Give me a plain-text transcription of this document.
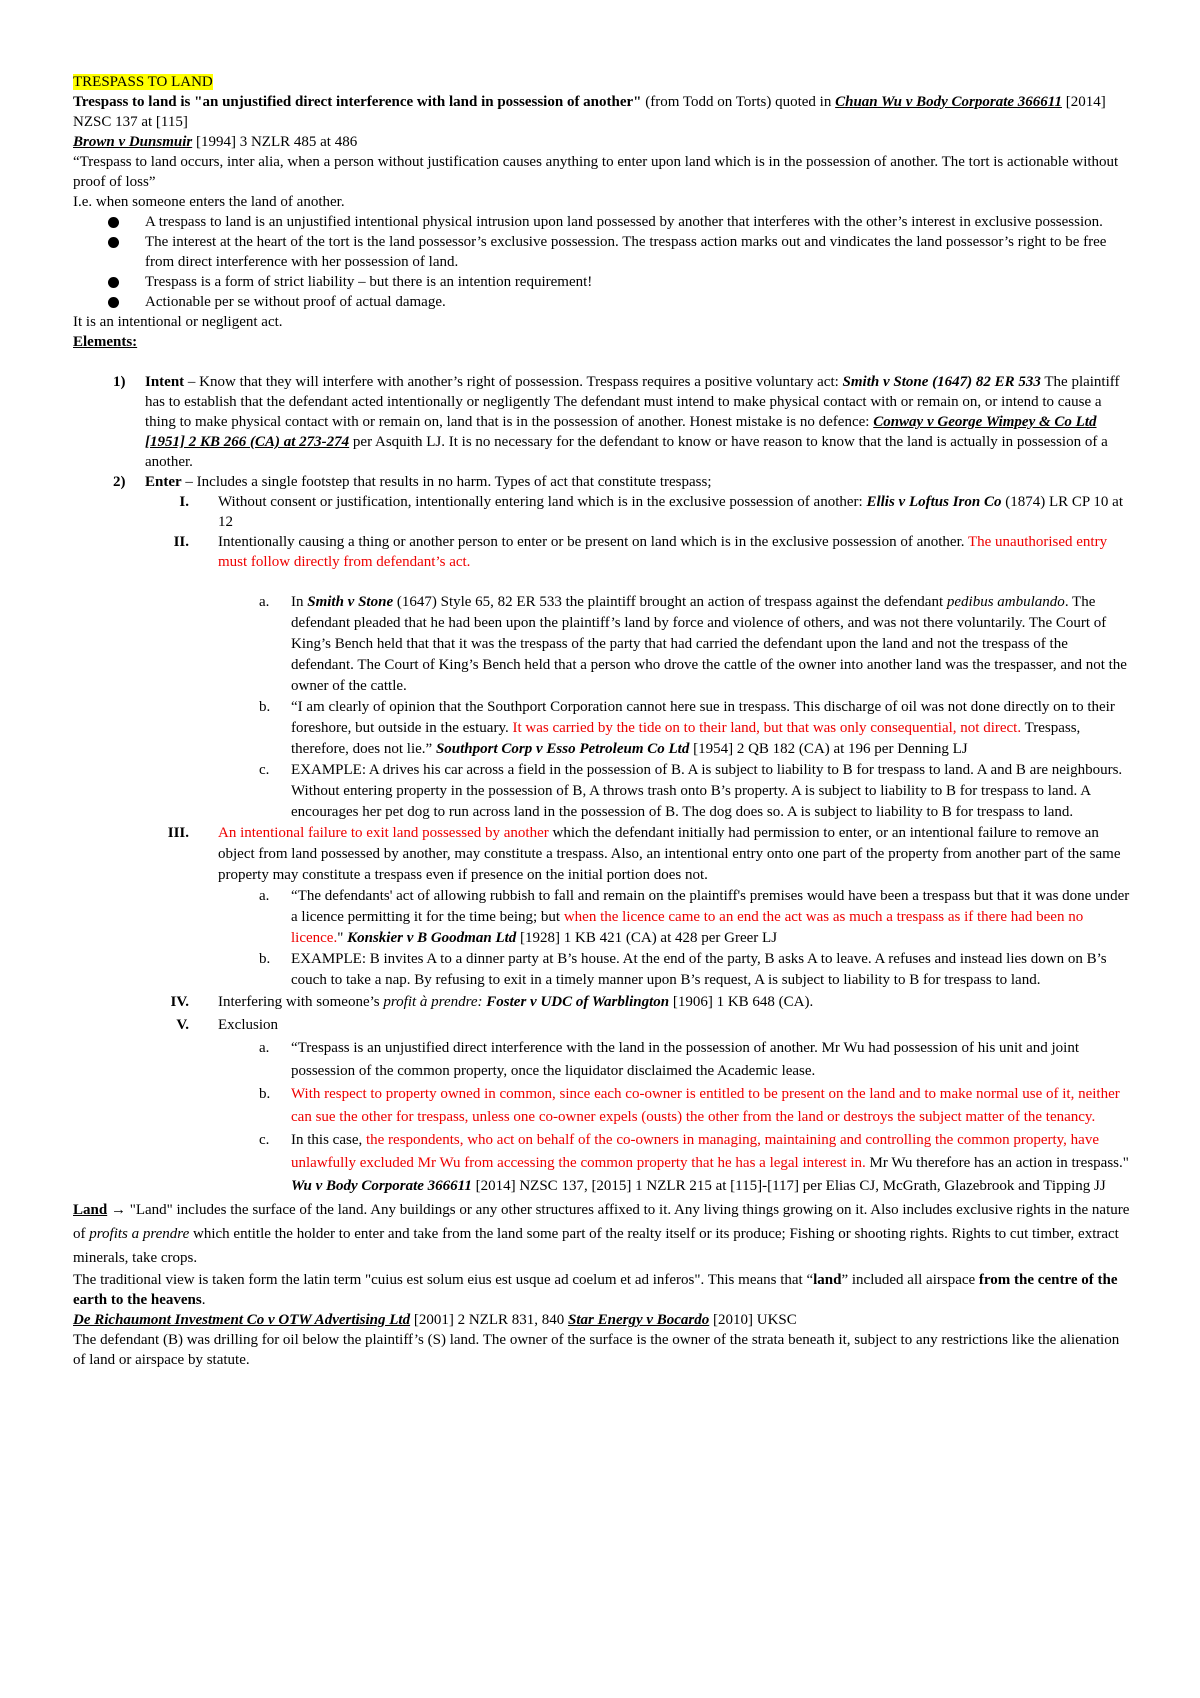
TRESPASS TO LAND

Trespass to land is "an unjustified direct interference with land in possession of another" (from Todd on Torts) quoted in Chuan Wu v Body Corporate 366611 [2014] NZSC 137 at [115]

Brown v Dunsmuir [1994] 3 NZLR 485 at 486

“Trespass to land occurs, inter alia, when a person without justification causes anything to enter upon land which is in the possession of another. The tort is actionable without proof of loss”

I.e. when someone enters the land of another.

A trespass to land is an unjustified intentional physical intrusion upon land possessed by another that interferes with the other’s interest in exclusive possession.
The interest at the heart of the tort is the land possessor’s exclusive possession. The trespass action marks out and vindicates the land possessor’s right to be free from direct interference with her possession of land.
Trespass is a form of strict liability – but there is an intention requirement!
Actionable per se without proof of actual damage.

It is an intentional or negligent act.

Elements:

1) Intent – Know that they will interfere with another’s right of possession. Trespass requires a positive voluntary act: Smith v Stone (1647) 82 ER 533 The plaintiff has to establish that the defendant acted intentionally or negligently The defendant must intend to make physical contact with or remain on, or intend to cause a thing to make physical contact with or remain on, land that is in the possession of another. Honest mistake is no defence: Conway v George Wimpey & Co Ltd [1951] 2 KB 266 (CA) at 273-274 per Asquith LJ. It is no necessary for the defendant to know or have reason to know that the land is actually in possession of a another.
2) Enter – Includes a single footstep that results in no harm. Types of act that constitute trespass;
I. Without consent or justification, intentionally entering land which is in the exclusive possession of another: Ellis v Loftus Iron Co (1874) LR CP 10 at 12
II. Intentionally causing a thing or another person to enter or be present on land which is in the exclusive possession of another. The unauthorised entry must follow directly from defendant’s act.
a. In Smith v Stone (1647) Style 65, 82 ER 533 the plaintiff brought an action of trespass against the defendant pedibus ambulando. The defendant pleaded that he had been upon the plaintiff’s land by force and violence of others, and was not there voluntarily. The Court of King’s Bench held that that it was the trespass of the party that had carried the defendant upon the land and not the trespass of the defendant. The Court of King’s Bench held that a person who drove the cattle of the owner into another land was the trespasser, and not the owner of the cattle.
b. “I am clearly of opinion that the Southport Corporation cannot here sue in trespass. This discharge of oil was not done directly on to their foreshore, but outside in the estuary. It was carried by the tide on to their land, but that was only consequential, not direct. Trespass, therefore, does not lie.” Southport Corp v Esso Petroleum Co Ltd [1954] 2 QB 182 (CA) at 196 per Denning LJ
c. EXAMPLE: A drives his car across a field in the possession of B. A is subject to liability to B for trespass to land. A and B are neighbours. Without entering property in the possession of B, A throws trash onto B’s property. A is subject to liability to B for trespass to land. A encourages her pet dog to run across land in the possession of B. The dog does so. A is subject to liability to B for trespass to land.
III. An intentional failure to exit land possessed by another which the defendant initially had permission to enter, or an intentional failure to remove an object from land possessed by another, may constitute a trespass. Also, an intentional entry onto one part of the property from another part of the same property may constitute a trespass even if presence on the initial portion does not.
a. “The defendants' act of allowing rubbish to fall and remain on the plaintiff's premises would have been a trespass but that it was done under a licence permitting it for the time being; but when the licence came to an end the act was as much a trespass as if there had been no licence." Konskier v B Goodman Ltd [1928] 1 KB 421 (CA) at 428 per Greer LJ
b. EXAMPLE: B invites A to a dinner party at B’s house. At the end of the party, B asks A to leave. A refuses and instead lies down on B’s couch to take a nap. By refusing to exit in a timely manner upon B’s request, A is subject to liability to B for trespass to land.
IV. Interfering with someone’s profit à prendre: Foster v UDC of Warblington [1906] 1 KB 648 (CA).
V. Exclusion
a. “Trespass is an unjustified direct interference with the land in the possession of another. Mr Wu had possession of his unit and joint possession of the common property, once the liquidator disclaimed the Academic lease.
b. With respect to property owned in common, since each co-owner is entitled to be present on the land and to make normal use of it, neither can sue the other for trespass, unless one co-owner expels (ousts) the other from the land or destroys the subject matter of the tenancy.
c. In this case, the respondents, who act on behalf of the co-owners in managing, maintaining and controlling the common property, have unlawfully excluded Mr Wu from accessing the common property that he has a legal interest in. Mr Wu therefore has an action in trespass." Wu v Body Corporate 366611 [2014] NZSC 137, [2015] 1 NZLR 215 at [115]-[117] per Elias CJ, McGrath, Glazebrook and Tipping JJ

Land → "Land" includes the surface of the land. Any buildings or any other structures affixed to it. Any living things growing on it. Also includes exclusive rights in the nature of profits a prendre which entitle the holder to enter and take from the land some part of the realty itself or its produce; Fishing or shooting rights. Rights to cut timber, extract minerals, take crops.

The traditional view is taken form the latin term "cuius est solum eius est usque ad coelum et ad inferos". This means that “land” included all airspace from the centre of the earth to the heavens.

De Richaumont Investment Co v OTW Advertising Ltd [2001] 2 NZLR 831, 840 Star Energy v Bocardo [2010] UKSC

The defendant (B) was drilling for oil below the plaintiff’s (S) land. The owner of the surface is the owner of the strata beneath it, subject to any restrictions like the alienation of land or airspace by statute.
